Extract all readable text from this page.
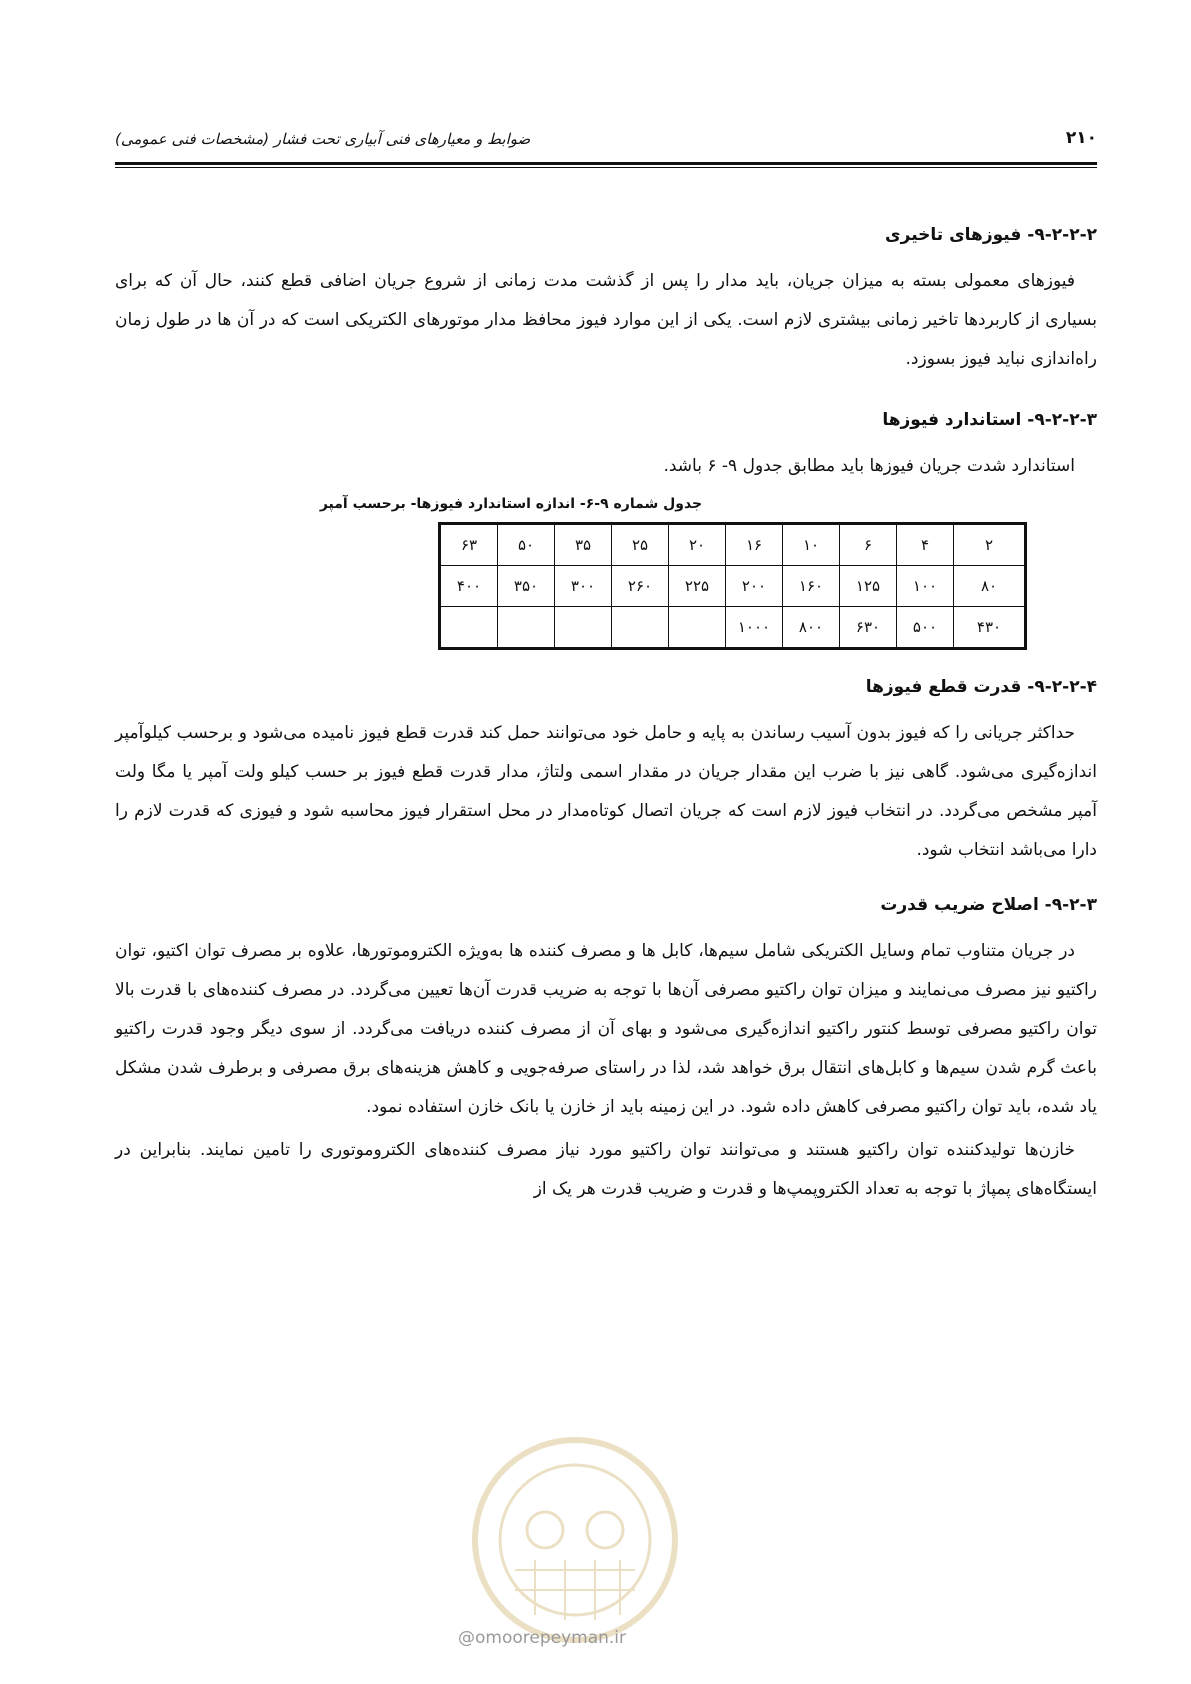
۲۱۰
ضوابط و معیارهای فنی آبیاری تحت فشار (مشخصات فنی عمومی)
۹-۲-۲-۲- فیوزهای تاخیری

فیوزهای معمولی بسته به میزان جریان، باید مدار را پس از گذشت مدت زمانی از شروع جریان اضافی قطع کنند، حال آن که برای بسیاری از کاربردها تاخیر زمانی بیشتری لازم است. یکی از این موارد فیوز محافظ مدار موتورهای الکتریکی است که در آن ها در طول زمان راه‌اندازی نباید فیوز بسوزد.

۹-۲-۲-۳- استاندارد فیوزها

استاندارد شدت جریان فیوزها باید مطابق جدول ۹- ۶ باشد.

جدول شماره ۹-۶- اندازه استاندارد فیوزها- برحسب آمپر
۲	۴	۶	۱۰	۱۶	۲۰	۲۵	۳۵	۵۰	۶۳
۸۰	۱۰۰	۱۲۵	۱۶۰	۲۰۰	۲۲۵	۲۶۰	۳۰۰	۳۵۰	۴۰۰
۴۳۰	۵۰۰	۶۳۰	۸۰۰	۱۰۰۰					
۹-۲-۲-۴- قدرت قطع فیوزها

حداکثر جریانی را که فیوز بدون آسیب رساندن به پایه و حامل خود می‌توانند حمل کند قدرت قطع فیوز نامیده می‌شود و برحسب کیلوآمپر اندازه‌گیری می‌شود. گاهی نیز با ضرب این مقدار جریان در مقدار اسمی ولتاژ، مدار قدرت قطع فیوز بر حسب کیلو ولت آمپر یا مگا ولت آمپر مشخص می‌گردد. در انتخاب فیوز لازم است که جریان اتصال کوتاه‌مدار در محل استقرار فیوز محاسبه شود و فیوزی که قدرت لازم را دارا می‌باشد انتخاب شود.

۹-۲-۳- اصلاح ضریب قدرت

در جریان متناوب تمام وسایل الکتریکی شامل سیم‌ها، کابل ها و مصرف کننده ها به‌ویژه الکتروموتورها، علاوه بر مصرف توان اکتیو، توان راکتیو نیز مصرف می‌نمایند و میزان توان راکتیو مصرفی آن‌ها با توجه به ضریب قدرت آن‌ها تعیین می‌گردد. در مصرف کننده‌های با قدرت بالا توان راکتیو مصرفی توسط کنتور راکتیو اندازه‌گیری می‌شود و بهای آن از مصرف کننده دریافت می‌گردد. از سوی دیگر وجود قدرت راکتیو باعث گرم شدن سیم‌ها و کابل‌های انتقال برق خواهد شد، لذا در راستای صرفه‌جویی و کاهش هزینه‌های برق مصرفی و برطرف شدن مشکل یاد شده، باید توان راکتیو مصرفی کاهش داده شود. در این زمینه باید از خازن یا بانک خازن استفاده نمود.

خازن‌ها تولیدکننده توان راکتیو هستند و می‌توانند توان راکتیو مورد نیاز مصرف کننده‌های الکتروموتوری را تامین نمایند. بنابراین در ایستگاه‌های پمپاژ با توجه به تعداد الکتروپمپ‌ها و قدرت و ضریب قدرت هر یک از

@omoorepeyman.ir
